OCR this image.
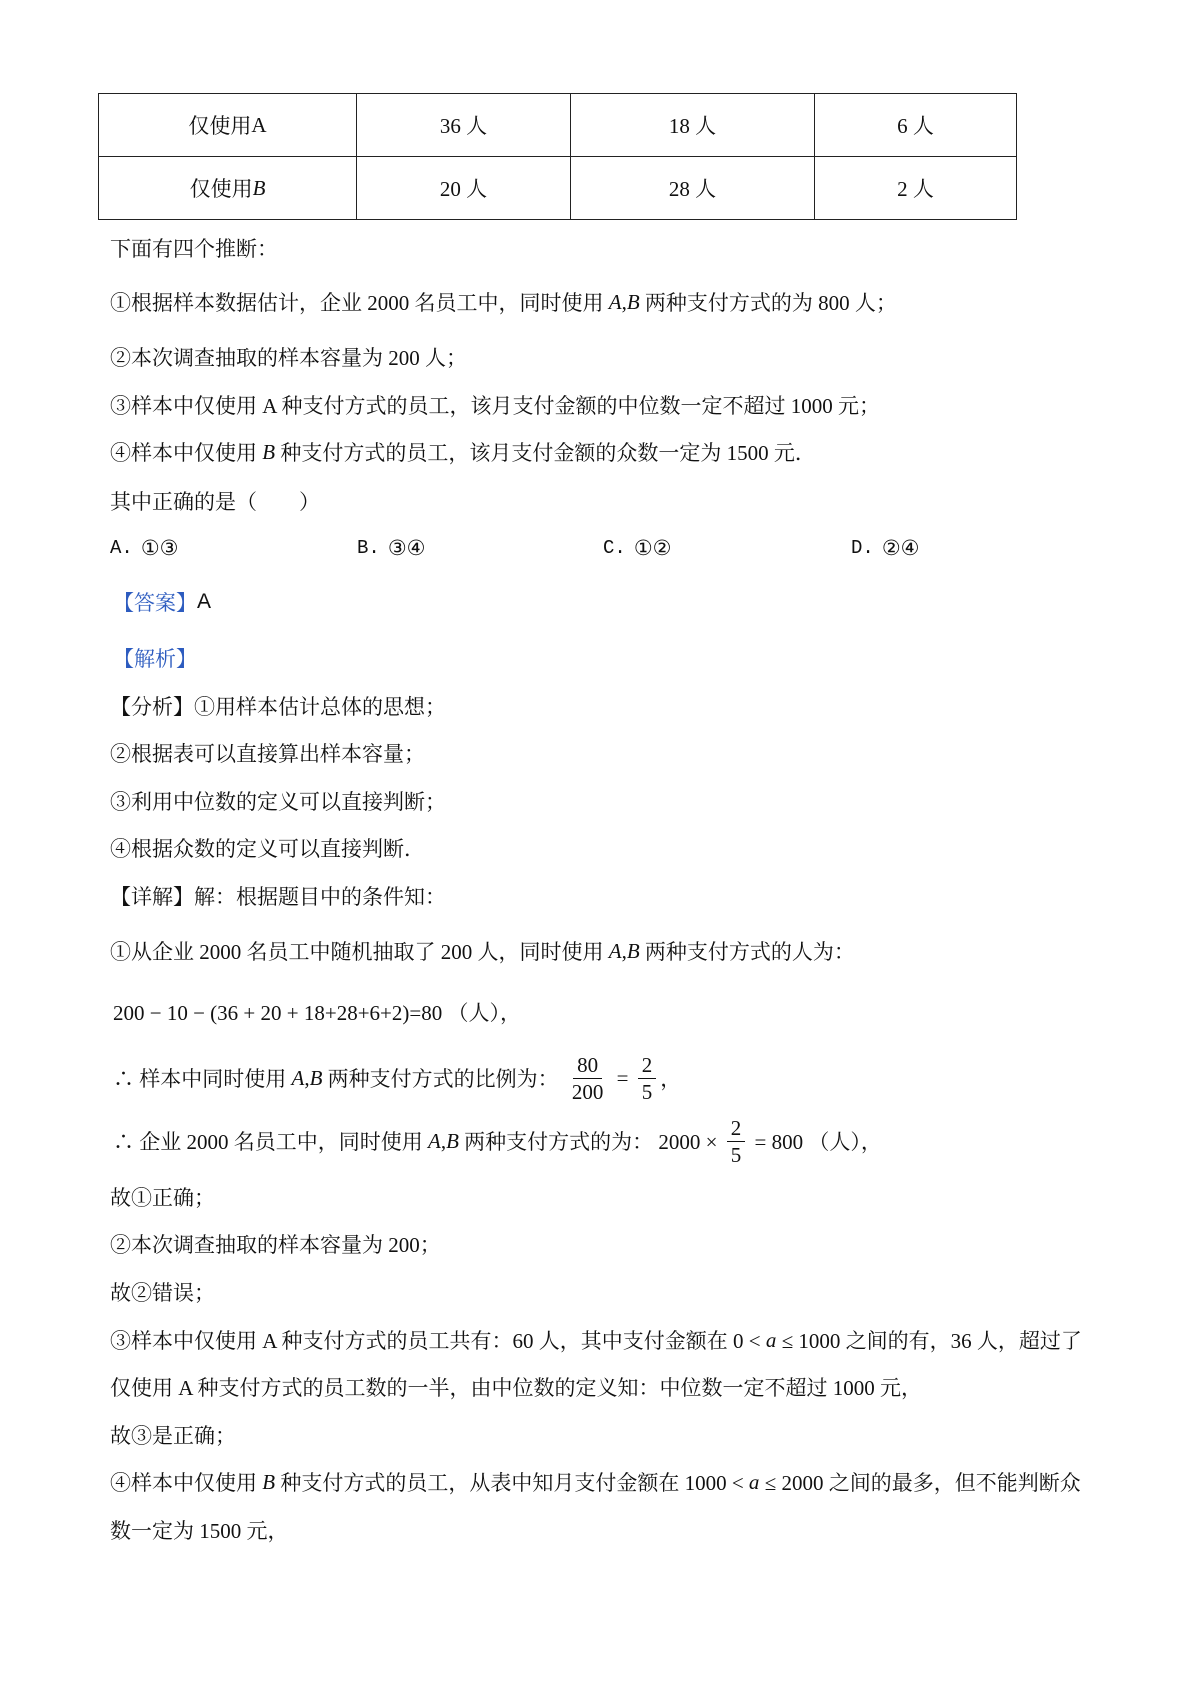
仅使用 A	36 人	18 人	6 人

仅使用 B	20 人	28 人	2 人
下面有四个推断：
①根据样本数据估计，企业 2000 名员工中，同时使用 A , B 两种支付方式的为 800 人；
②本次调查抽取的样本容量为 200 人；
③样本中仅使用 A 种支付方式的员工，该月支付金额的中位数一定不超过 1000 元；
④样本中仅使用 B 种支付方式的员工，该月支付金额的众数一定为 1500 元．
其中正确的是（　　）
A. ①③	B. ③④	C. ①②	D. ②④
【答案】 A
【解析】
【分析】①用样本估计总体的思想；
②根据表可以直接算出样本容量；
③利用中位数的定义可以直接判断；
④根据众数的定义可以直接判断．
【详解】解：根据题目中的条件知：
①从企业 2000 名员工中随机抽取了 200 人，同时使用 A , B 两种支付方式的人为：
200 − 10 − (36 + 20 + 18+28+6+2)=80 （人），
∴ 样本中同时使用 A , B 两种支付方式的比例为： $\frac{80}{200} = \frac{2}{5}$ ，
∴ 企业 2000 名员工中，同时使用 A , B 两种支付方式的为： $2000 \times \frac{2}{5} = 800$ （人），
故①正确；
②本次调查抽取的样本容量为 200；
故②错误；
③样本中仅使用 A 种支付方式的员工共有：60 人，其中支付金额在 0 < a ≤ 1000 之间的有，36 人，超过了
仅使用 A 种支付方式的员工数的一半，由中位数的定义知：中位数一定不超过 1000 元，
故③是正确；
④样本中仅使用 B 种支付方式的员工，从表中知月支付金额在 1000 < a ≤ 2000 之间的最多，但不能判断众
数一定为 1500 元，
